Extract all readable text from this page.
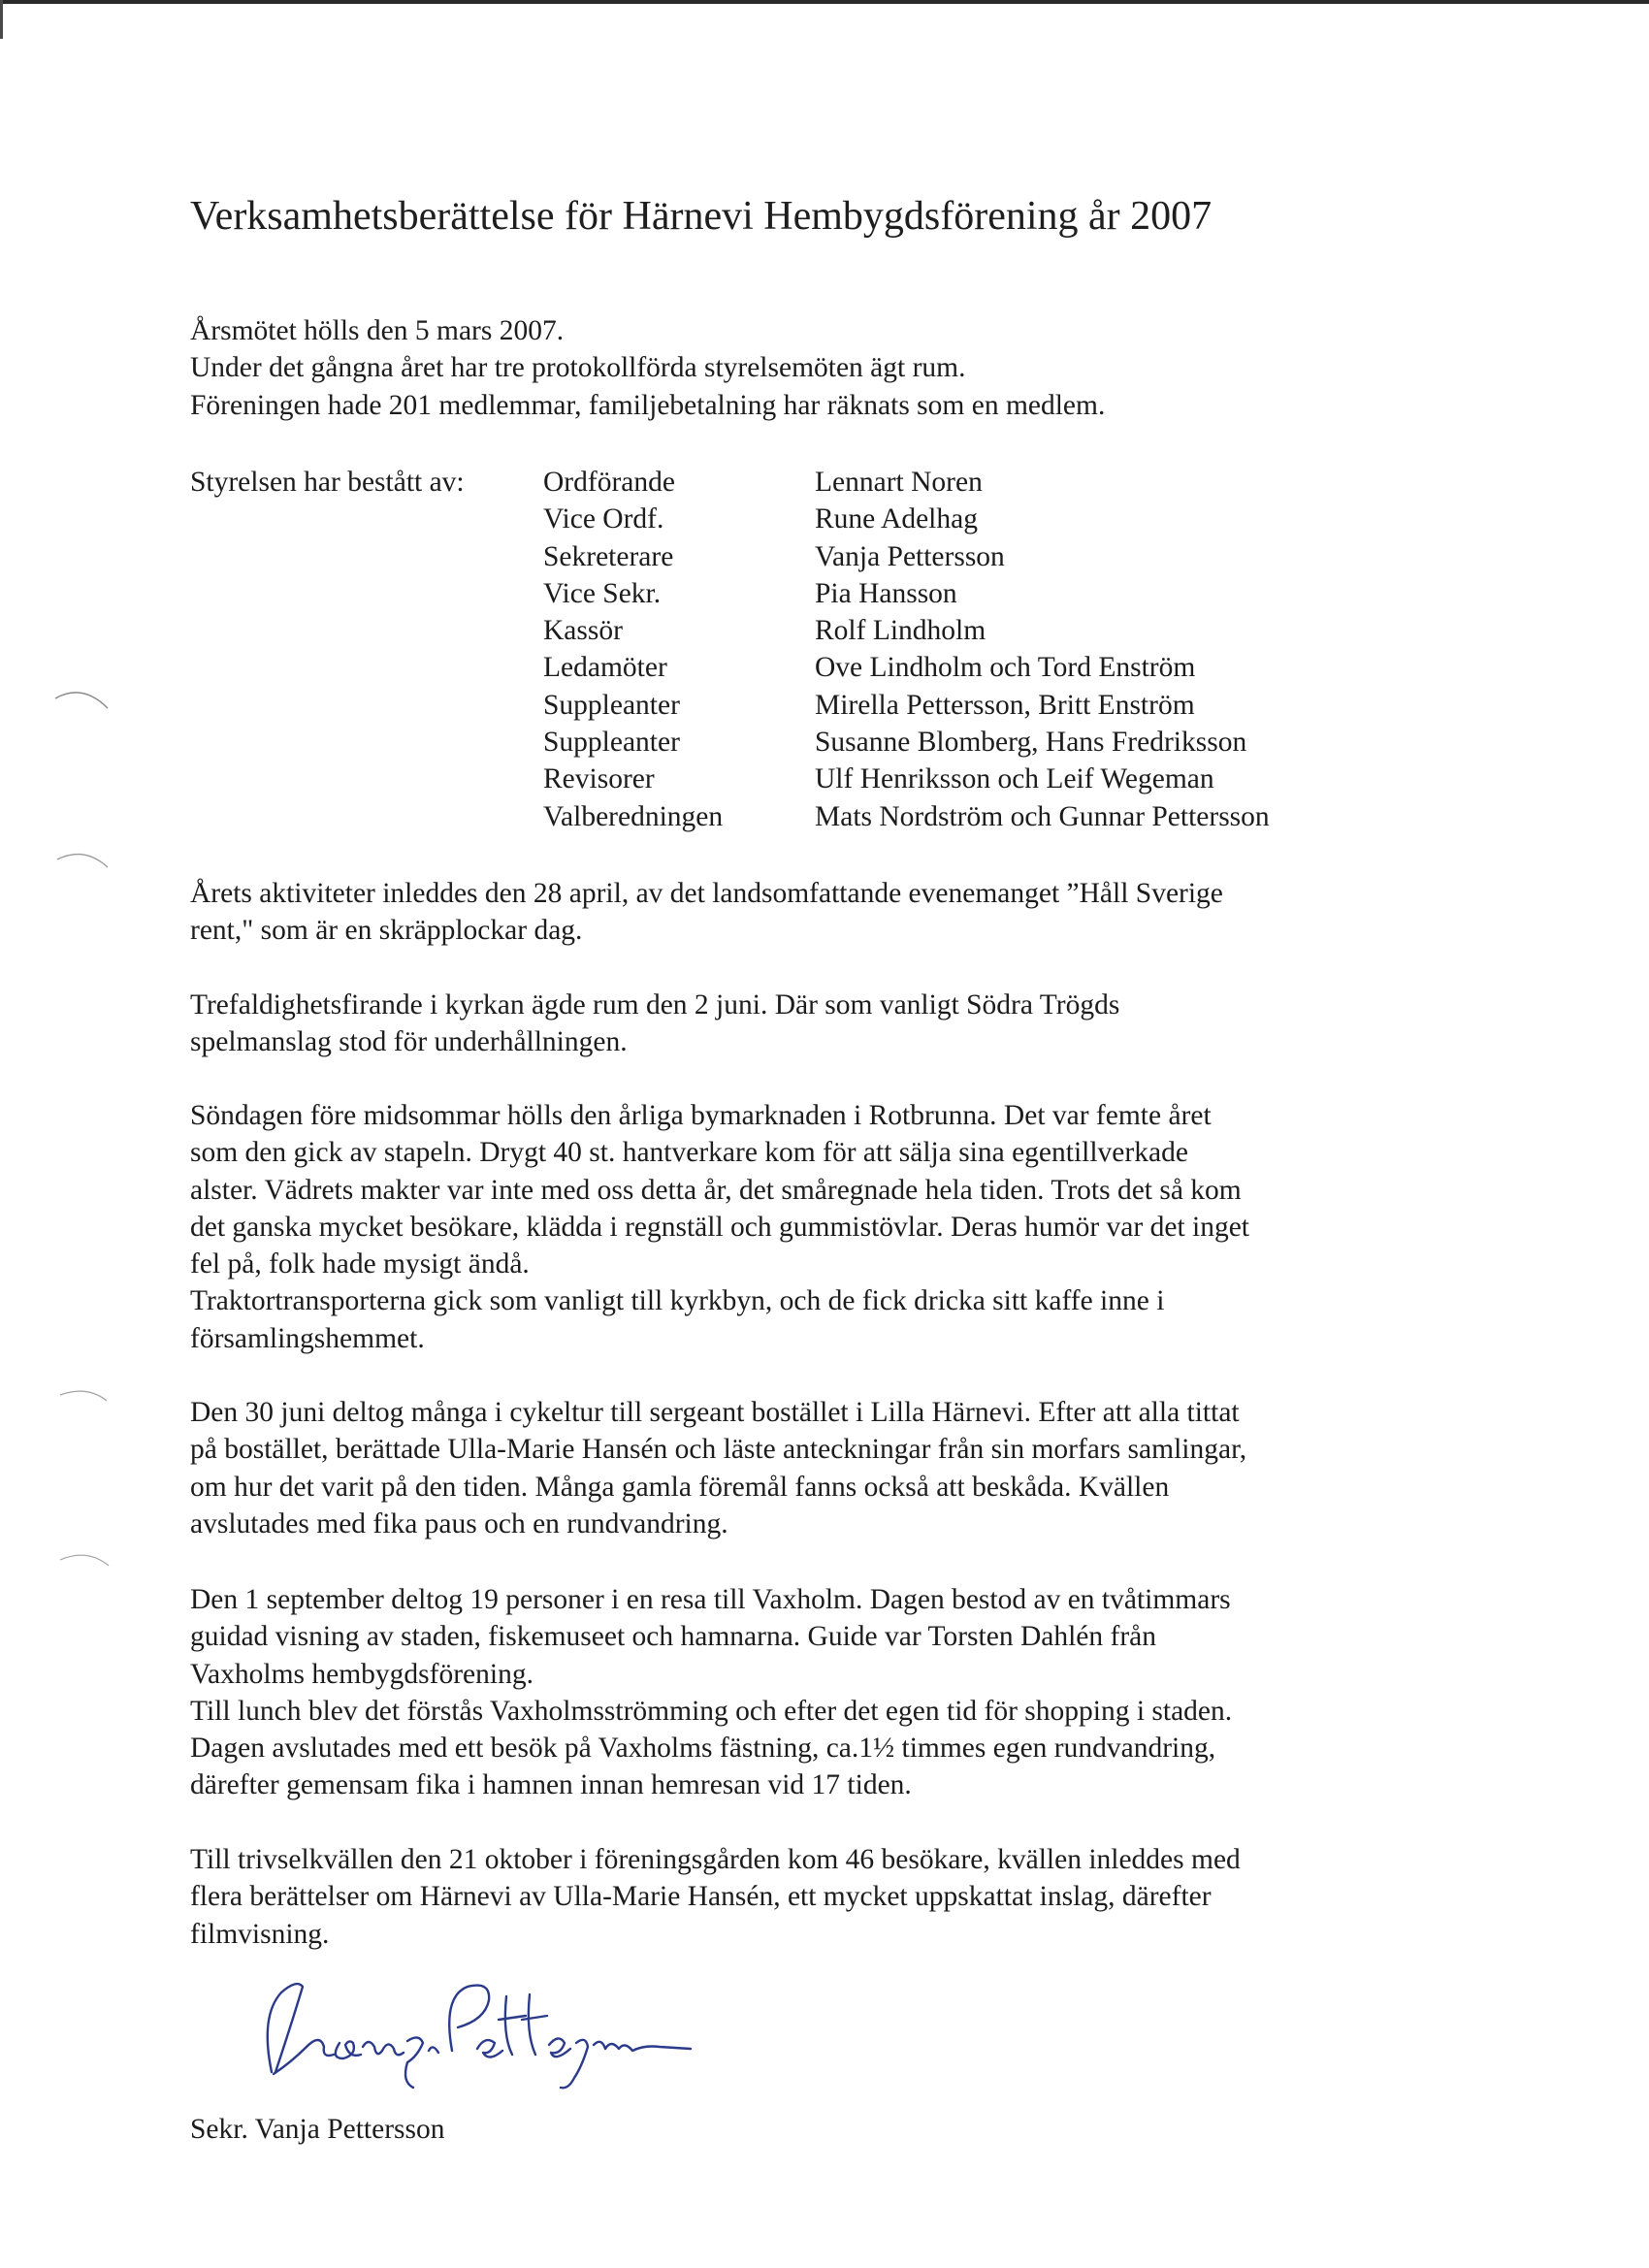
Verksamhetsberättelse för Härnevi Hembygdsförening år 2007
Årsmötet hölls den 5 mars 2007.
Under det gångna året har tre protokollförda styrelsemöten ägt rum.
Föreningen hade 201 medlemmar, familjebetalning har räknats som en medlem.
Styrelsen har bestått av:	Ordförande	Lennart Noren
Vice Ordf.	Rune Adelhag
Sekreterare	Vanja Pettersson
Vice Sekr.	Pia Hansson
Kassör	Rolf Lindholm
Ledamöter	Ove Lindholm och Tord Enström
Suppleanter	Mirella Pettersson, Britt Enström
Suppleanter	Susanne Blomberg, Hans Fredriksson
Revisorer	Ulf Henriksson och Leif Wegeman
Valberedningen	Mats Nordström och Gunnar Pettersson
Årets aktiviteter inleddes den 28 april, av det landsomfattande evenemanget ”Håll Sverige
rent," som är en skräpplockar dag.
Trefaldighetsfirande i kyrkan ägde rum den 2 juni. Där som vanligt Södra Trögds
spelmanslag stod för underhållningen.
Söndagen före midsommar hölls den årliga bymarknaden i Rotbrunna. Det var femte året
som den gick av stapeln. Drygt 40 st. hantverkare kom för att sälja sina egentillverkade
alster. Vädrets makter var inte med oss detta år, det småregnade hela tiden. Trots det så kom
det ganska mycket besökare, klädda i regnställ och gummistövlar. Deras humör var det inget
fel på, folk hade mysigt ändå.
Traktortransporterna gick som vanligt till kyrkbyn, och de fick dricka sitt kaffe inne i
församlingshemmet.
Den 30 juni deltog många i cykeltur till sergeant bostället i Lilla Härnevi. Efter att alla tittat
på bostället, berättade Ulla-Marie Hansén och läste anteckningar från sin morfars samlingar,
om hur det varit på den tiden. Många gamla föremål fanns också att beskåda. Kvällen
avslutades med fika paus och en rundvandring.
Den 1 september deltog 19 personer i en resa till Vaxholm. Dagen bestod av en tvåtimmars
guidad visning av staden, fiskemuseet och hamnarna. Guide var Torsten Dahlén från
Vaxholms hembygdsförening.
Till lunch blev det förstås Vaxholmsströmming och efter det egen tid för shopping i staden.
Dagen avslutades med ett besök på Vaxholms fästning, ca.1½ timmes egen rundvandring,
därefter gemensam fika i hamnen innan hemresan vid 17 tiden.
Till trivselkvällen den 21 oktober i föreningsgården kom 46 besökare, kvällen inleddes med
flera berättelser om Härnevi av Ulla-Marie Hansén, ett mycket uppskattat inslag, därefter
filmvisning.
Sekr. Vanja Pettersson
